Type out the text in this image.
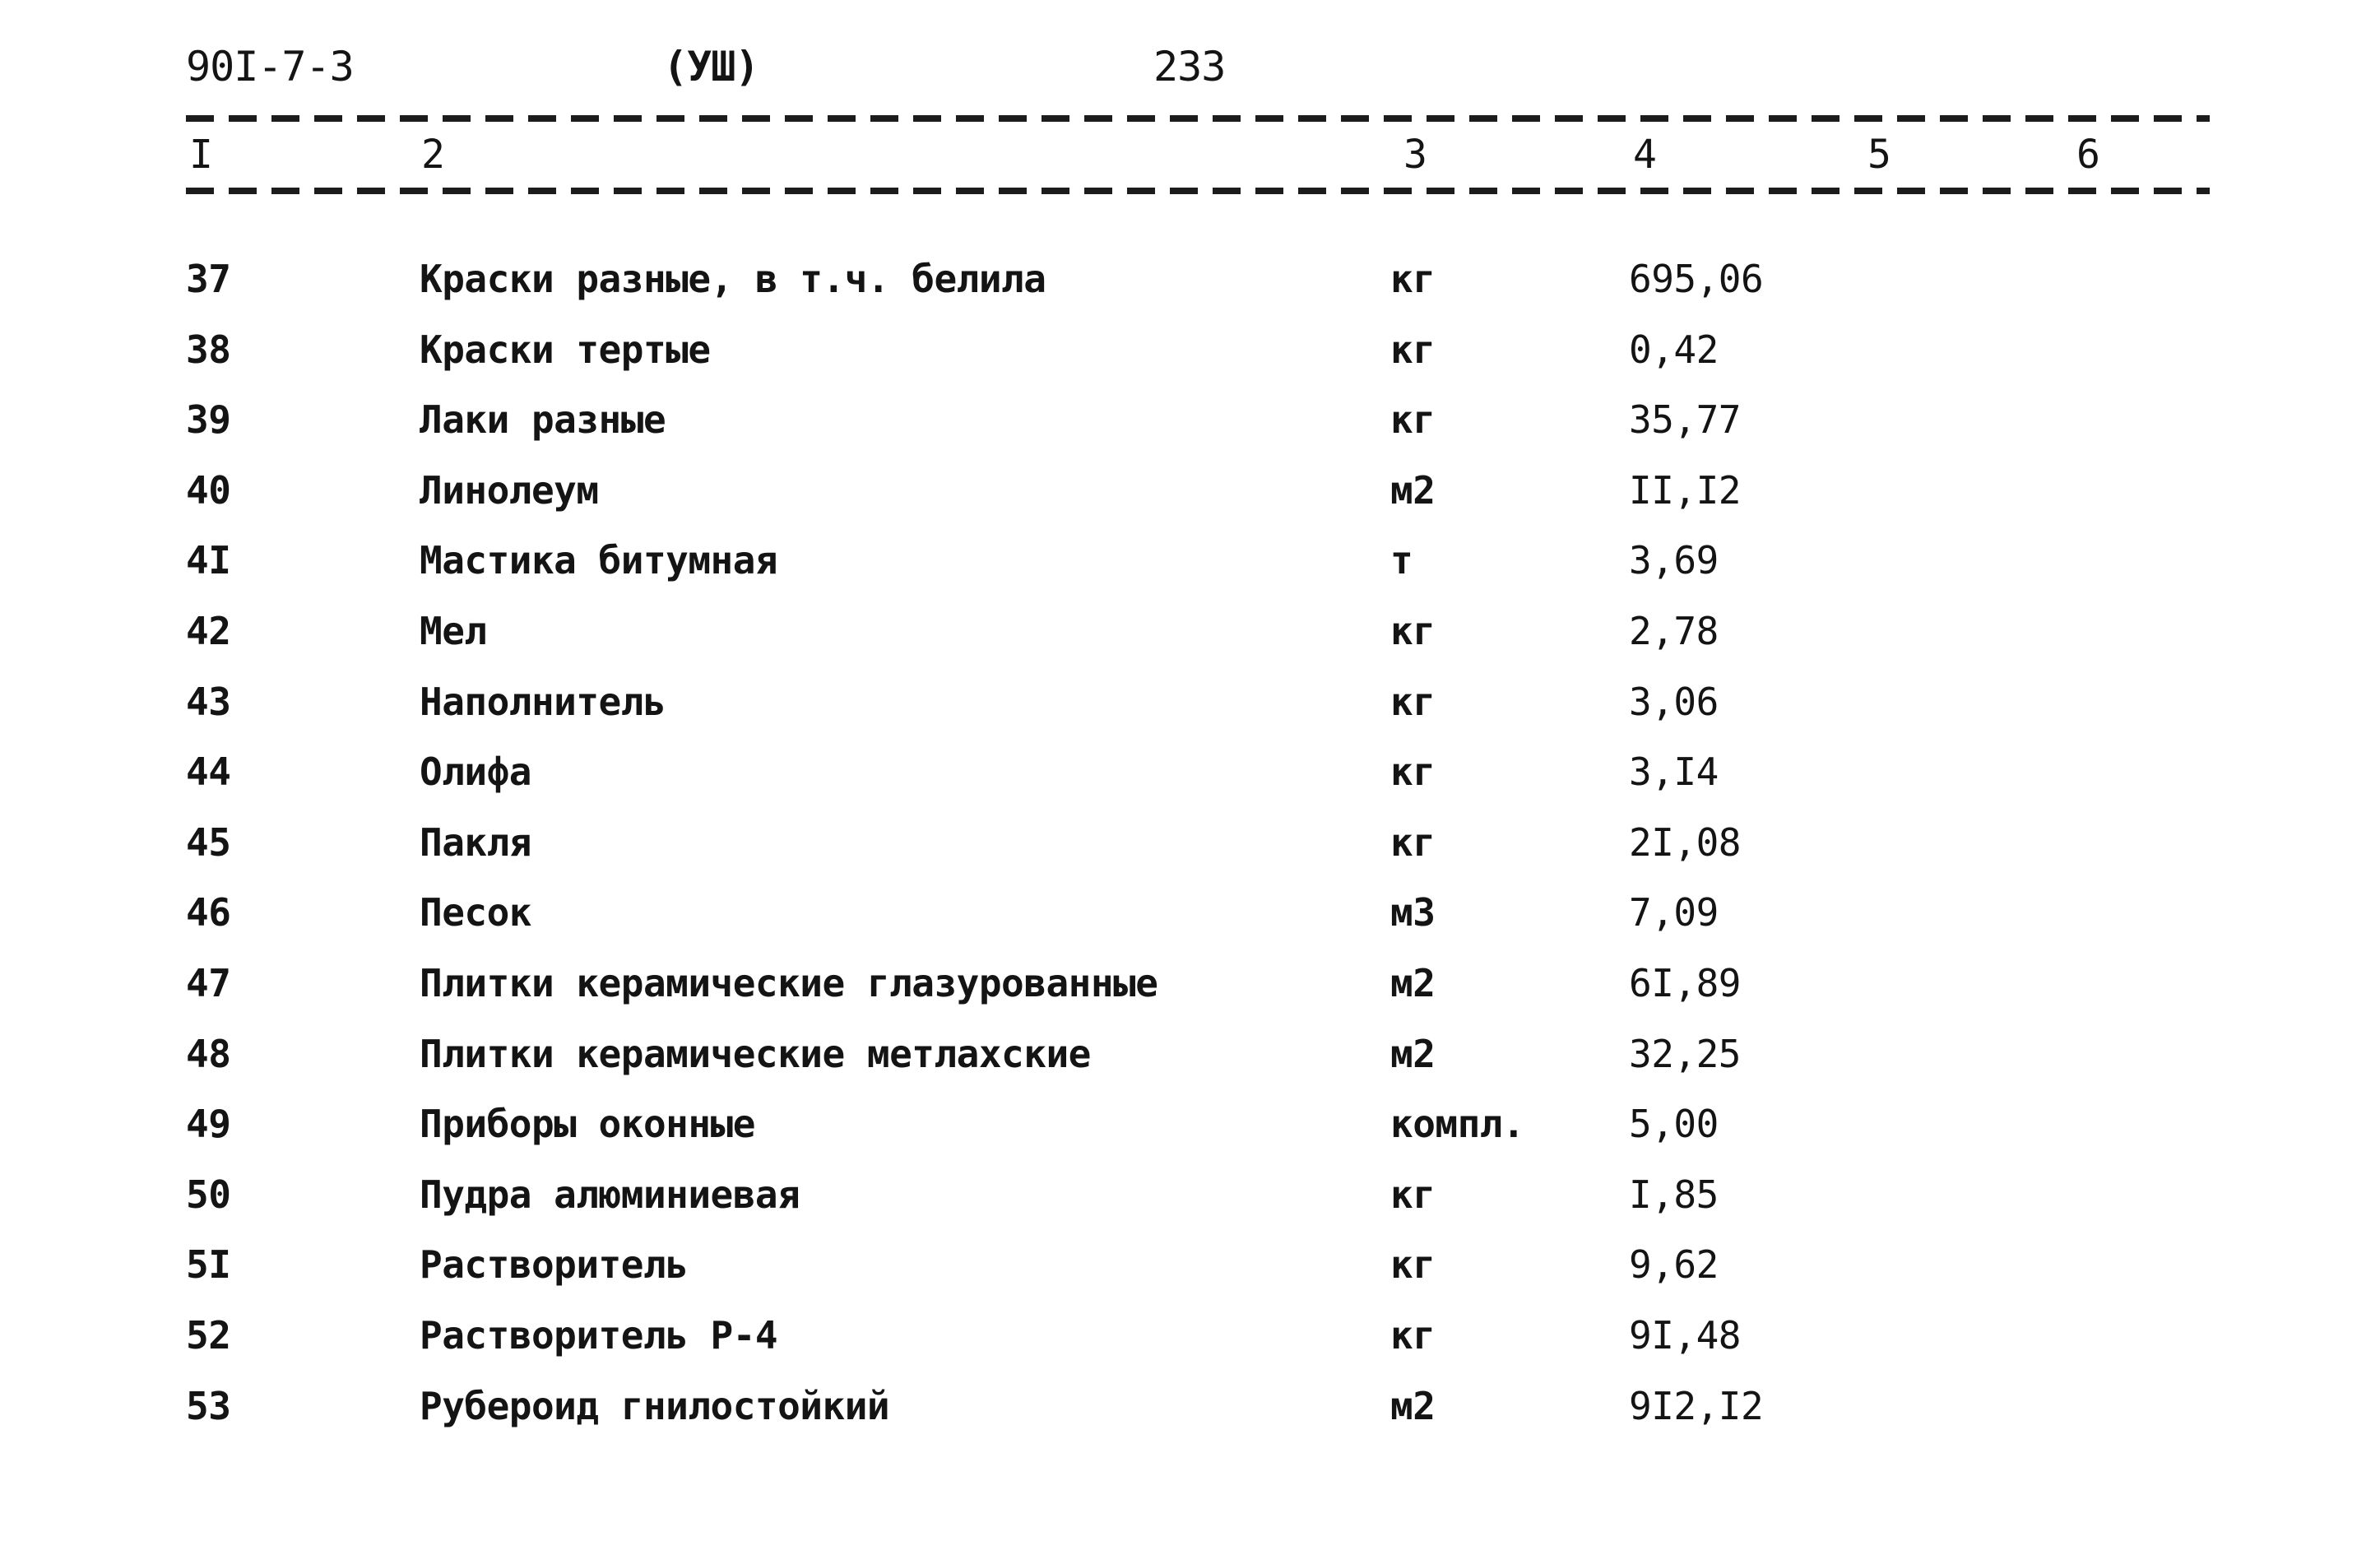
90I-7-3	(УШ)	233
I	2	3	4	5	6
37	Краски разные, в т.ч. белила	кг	695,06
38	Краски тертые	кг	0,42
39	Лаки разные	кг	35,77
40	Линолеум	м2	II,I2
4I	Мастика битумная	т	3,69
42	Мел	кг	2,78
43	Наполнитель	кг	3,06
44	Олифа	кг	3,I4
45	Пакля	кг	2I,08
46	Песок	м3	7,09
47	Плитки керамические глазурованные	м2	6I,89
48	Плитки керамические метлахские	м2	32,25
49	Приборы оконные	компл.	5,00
50	Пудра алюминиевая	кг	I,85
5I	Растворитель	кг	9,62
52	Растворитель Р-4	кг	9I,48
53	Рубероид гнилостойкий	м2	9I2,I2
